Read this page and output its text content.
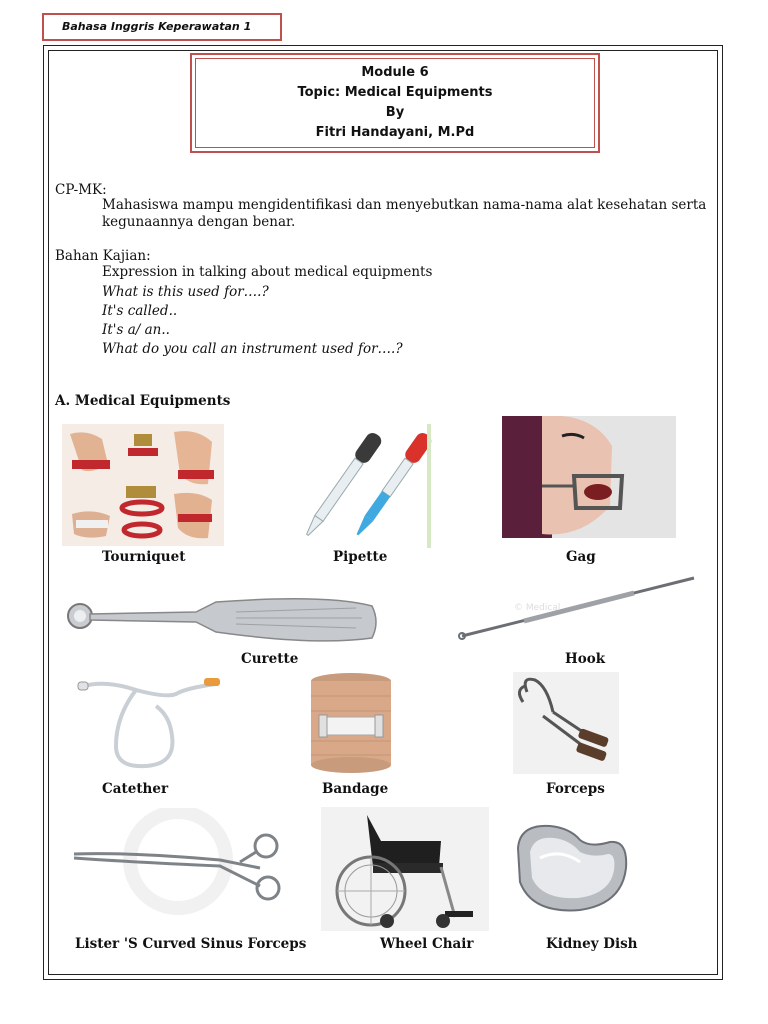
Bahasa Inggris Keperawatan 1
Module 6
Topic: Medical Equipments
By
Fitri Handayani, M.Pd
CP-MK:
Mahasiswa mampu mengidentifikasi dan menyebutkan nama-nama alat kesehatan serta
kegunaannya dengan benar.
Bahan Kajian:
Expression in talking about medical equipments
What is this used for….?
It's called..
It's a/ an..
What do you call an instrument used for….?
A. Medical Equipments
Tourniquet	Pipette	Gag
Curette
© Medical
Hook
Catether	Bandage	Forceps
Lister 'S Curved Sinus Forceps	Wheel Chair	Kidney Dish
